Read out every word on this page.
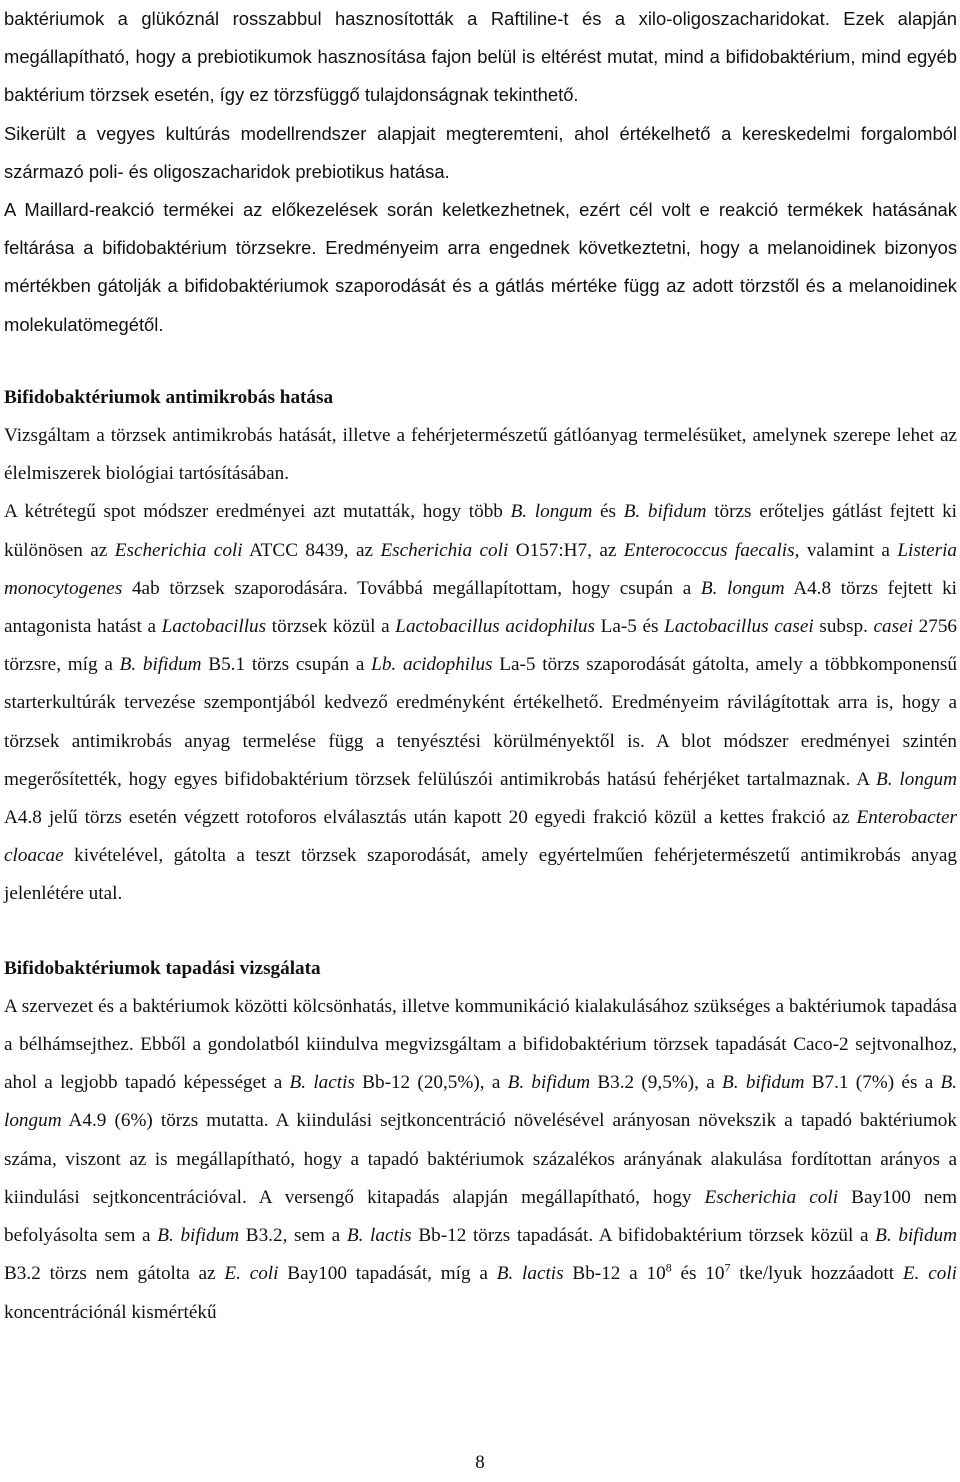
baktériumok a glükóznál rosszabbul hasznosították a Raftiline-t és a xilo-oligoszacharidokat. Ezek alapján megállapítható, hogy a prebiotikumok hasznosítása fajon belül is eltérést mutat, mind a bifidobaktérium, mind egyéb baktérium törzsek esetén, így ez törzsfüggő tulajdonságnak tekinthető.

Sikerült a vegyes kultúrás modellrendszer alapjait megteremteni, ahol értékelhető a kereskedelmi forgalomból származó poli- és oligoszacharidok prebiotikus hatása.

A Maillard-reakció termékei az előkezelések során keletkezhetnek, ezért cél volt e reakció termékek hatásának feltárása a bifidobaktérium törzsekre. Eredményeim arra engednek következtetni, hogy a melanoidinek bizonyos mértékben gátolják a bifidobaktériumok szaporodását és a gátlás mértéke függ az adott törzstől és a melanoidinek molekulatömegétől.

Bifidobaktériumok antimikrobás hatása

Vizsgáltam a törzsek antimikrobás hatását, illetve a fehérjetermészetű gátlóanyag termelésüket, amelynek szerepe lehet az élelmiszerek biológiai tartósításában.

A kétrétegű spot módszer eredményei azt mutatták, hogy több B. longum és B. bifidum törzs erőteljes gátlást fejtett ki különösen az Escherichia coli ATCC 8439, az Escherichia coli O157:H7, az Enterococcus faecalis, valamint a Listeria monocytogenes 4ab törzsek szaporodására. Továbbá megállapítottam, hogy csupán a B. longum A4.8 törzs fejtett ki antagonista hatást a Lactobacillus törzsek közül a Lactobacillus acidophilus La-5 és Lactobacillus casei subsp. casei 2756 törzsre, míg a B. bifidum B5.1 törzs csupán a Lb. acidophilus La-5 törzs szaporodását gátolta, amely a többkomponensű starterkultúrák tervezése szempontjából kedvező eredményként értékelhető. Eredményeim rávilágítottak arra is, hogy a törzsek antimikrobás anyag termelése függ a tenyésztési körülményektől is. A blot módszer eredményei szintén megerősítették, hogy egyes bifidobaktérium törzsek felülúszói antimikrobás hatású fehérjéket tartalmaznak. A B. longum A4.8 jelű törzs esetén végzett rotoforos elválasztás után kapott 20 egyedi frakció közül a kettes frakció az Enterobacter cloacae kivételével, gátolta a teszt törzsek szaporodását, amely egyértelműen fehérjetermészetű antimikrobás anyag jelenlétére utal.

Bifidobaktériumok tapadási vizsgálata

A szervezet és a baktériumok közötti kölcsönhatás, illetve kommunikáció kialakulásához szükséges a baktériumok tapadása a bélhámsejthez. Ebből a gondolatból kiindulva megvizsgáltam a bifidobaktérium törzsek tapadását Caco-2 sejtvonalhoz, ahol a legjobb tapadó képességet a B. lactis Bb-12 (20,5%), a B. bifidum B3.2 (9,5%), a B. bifidum B7.1 (7%) és a B. longum A4.9 (6%) törzs mutatta. A kiindulási sejtkoncentráció növelésével arányosan növekszik a tapadó baktériumok száma, viszont az is megállapítható, hogy a tapadó baktériumok százalékos arányának alakulása fordítottan arányos a kiindulási sejtkoncentrációval. A versengő kitapadás alapján megállapítható, hogy Escherichia coli Bay100 nem befolyásolta sem a B. bifidum B3.2, sem a B. lactis Bb-12 törzs tapadását. A bifidobaktérium törzsek közül a B. bifidum B3.2 törzs nem gátolta az E. coli Bay100 tapadását, míg a B. lactis Bb-12 a $10^8$ és $10^7$ tke/lyuk hozzáadott E. coli koncentrációnál kismértékű

8
